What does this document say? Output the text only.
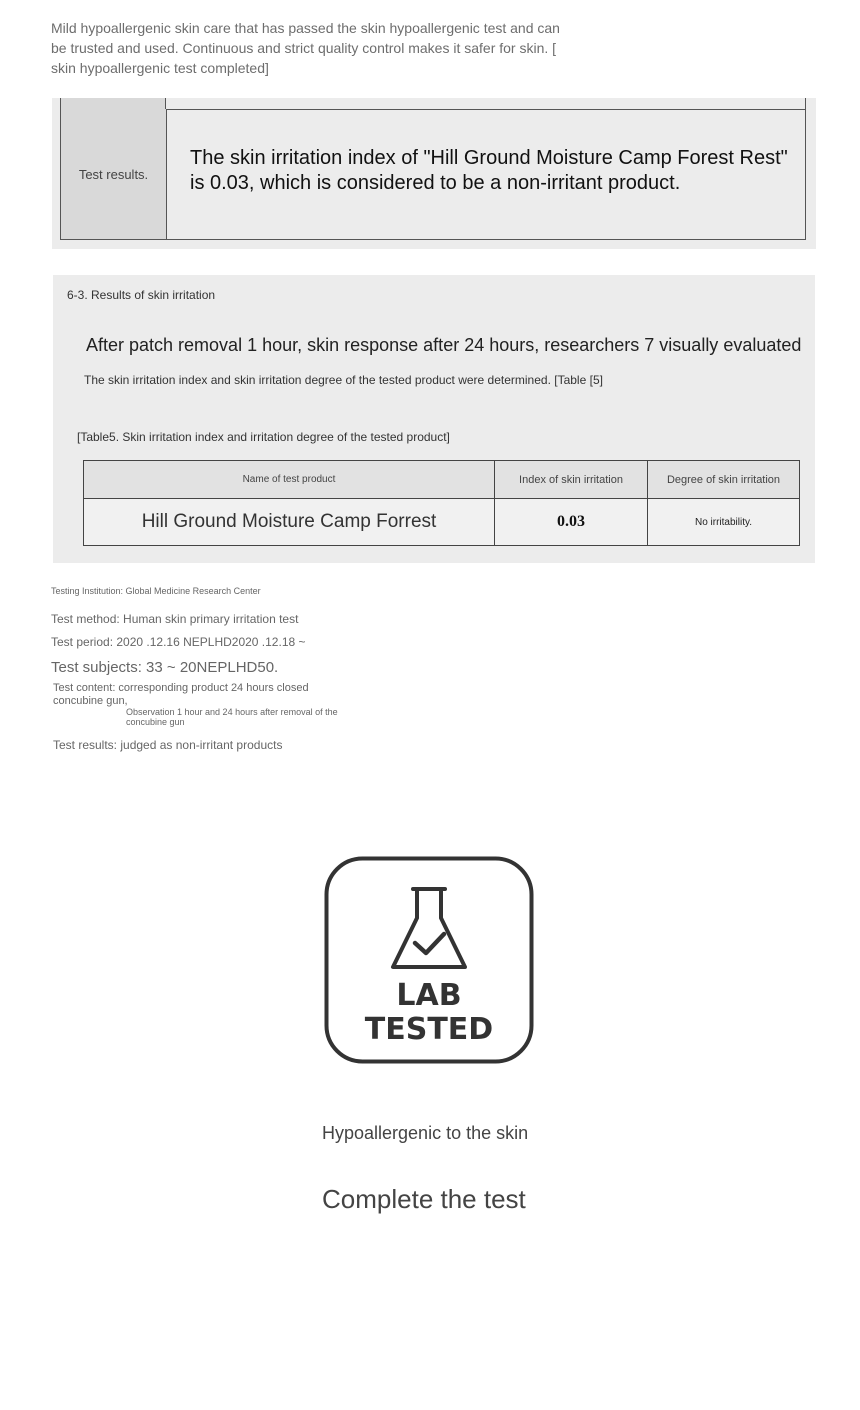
Mild hypoallergenic skin care that has passed the skin hypoallergenic test and can be trusted and used. Continuous and strict quality control makes it safer for skin. [ skin hypoallergenic test completed]
Test results.
The skin irritation index of "Hill Ground Moisture Camp Forest Rest" is 0.03, which is considered to be a non-irritant product.
6-3. Results of skin irritation
After patch removal 1 hour, skin response after 24 hours, researchers 7 visually evaluated
The skin irritation index and skin irritation degree of the tested product were determined. [Table [5]
[Table5. Skin irritation index and irritation degree of the tested product]
Name of test product	Index of skin irritation	Degree of skin irritation
Hill Ground Moisture Camp Forrest	0.03	No irritability.
Testing Institution: Global Medicine Research Center
Test method: Human skin primary irritation test
Test period: 2020 .12.16 NEPLHD2020 .12.18 ~
Test subjects: 33 ~ 20NEPLHD50.
Test content: corresponding product 24 hours closed concubine gun,
Observation 1 hour and 24 hours after removal of the concubine gun
Test results: judged as non-irritant products
LAB
TESTED
Hypoallergenic to the skin
Complete the test
